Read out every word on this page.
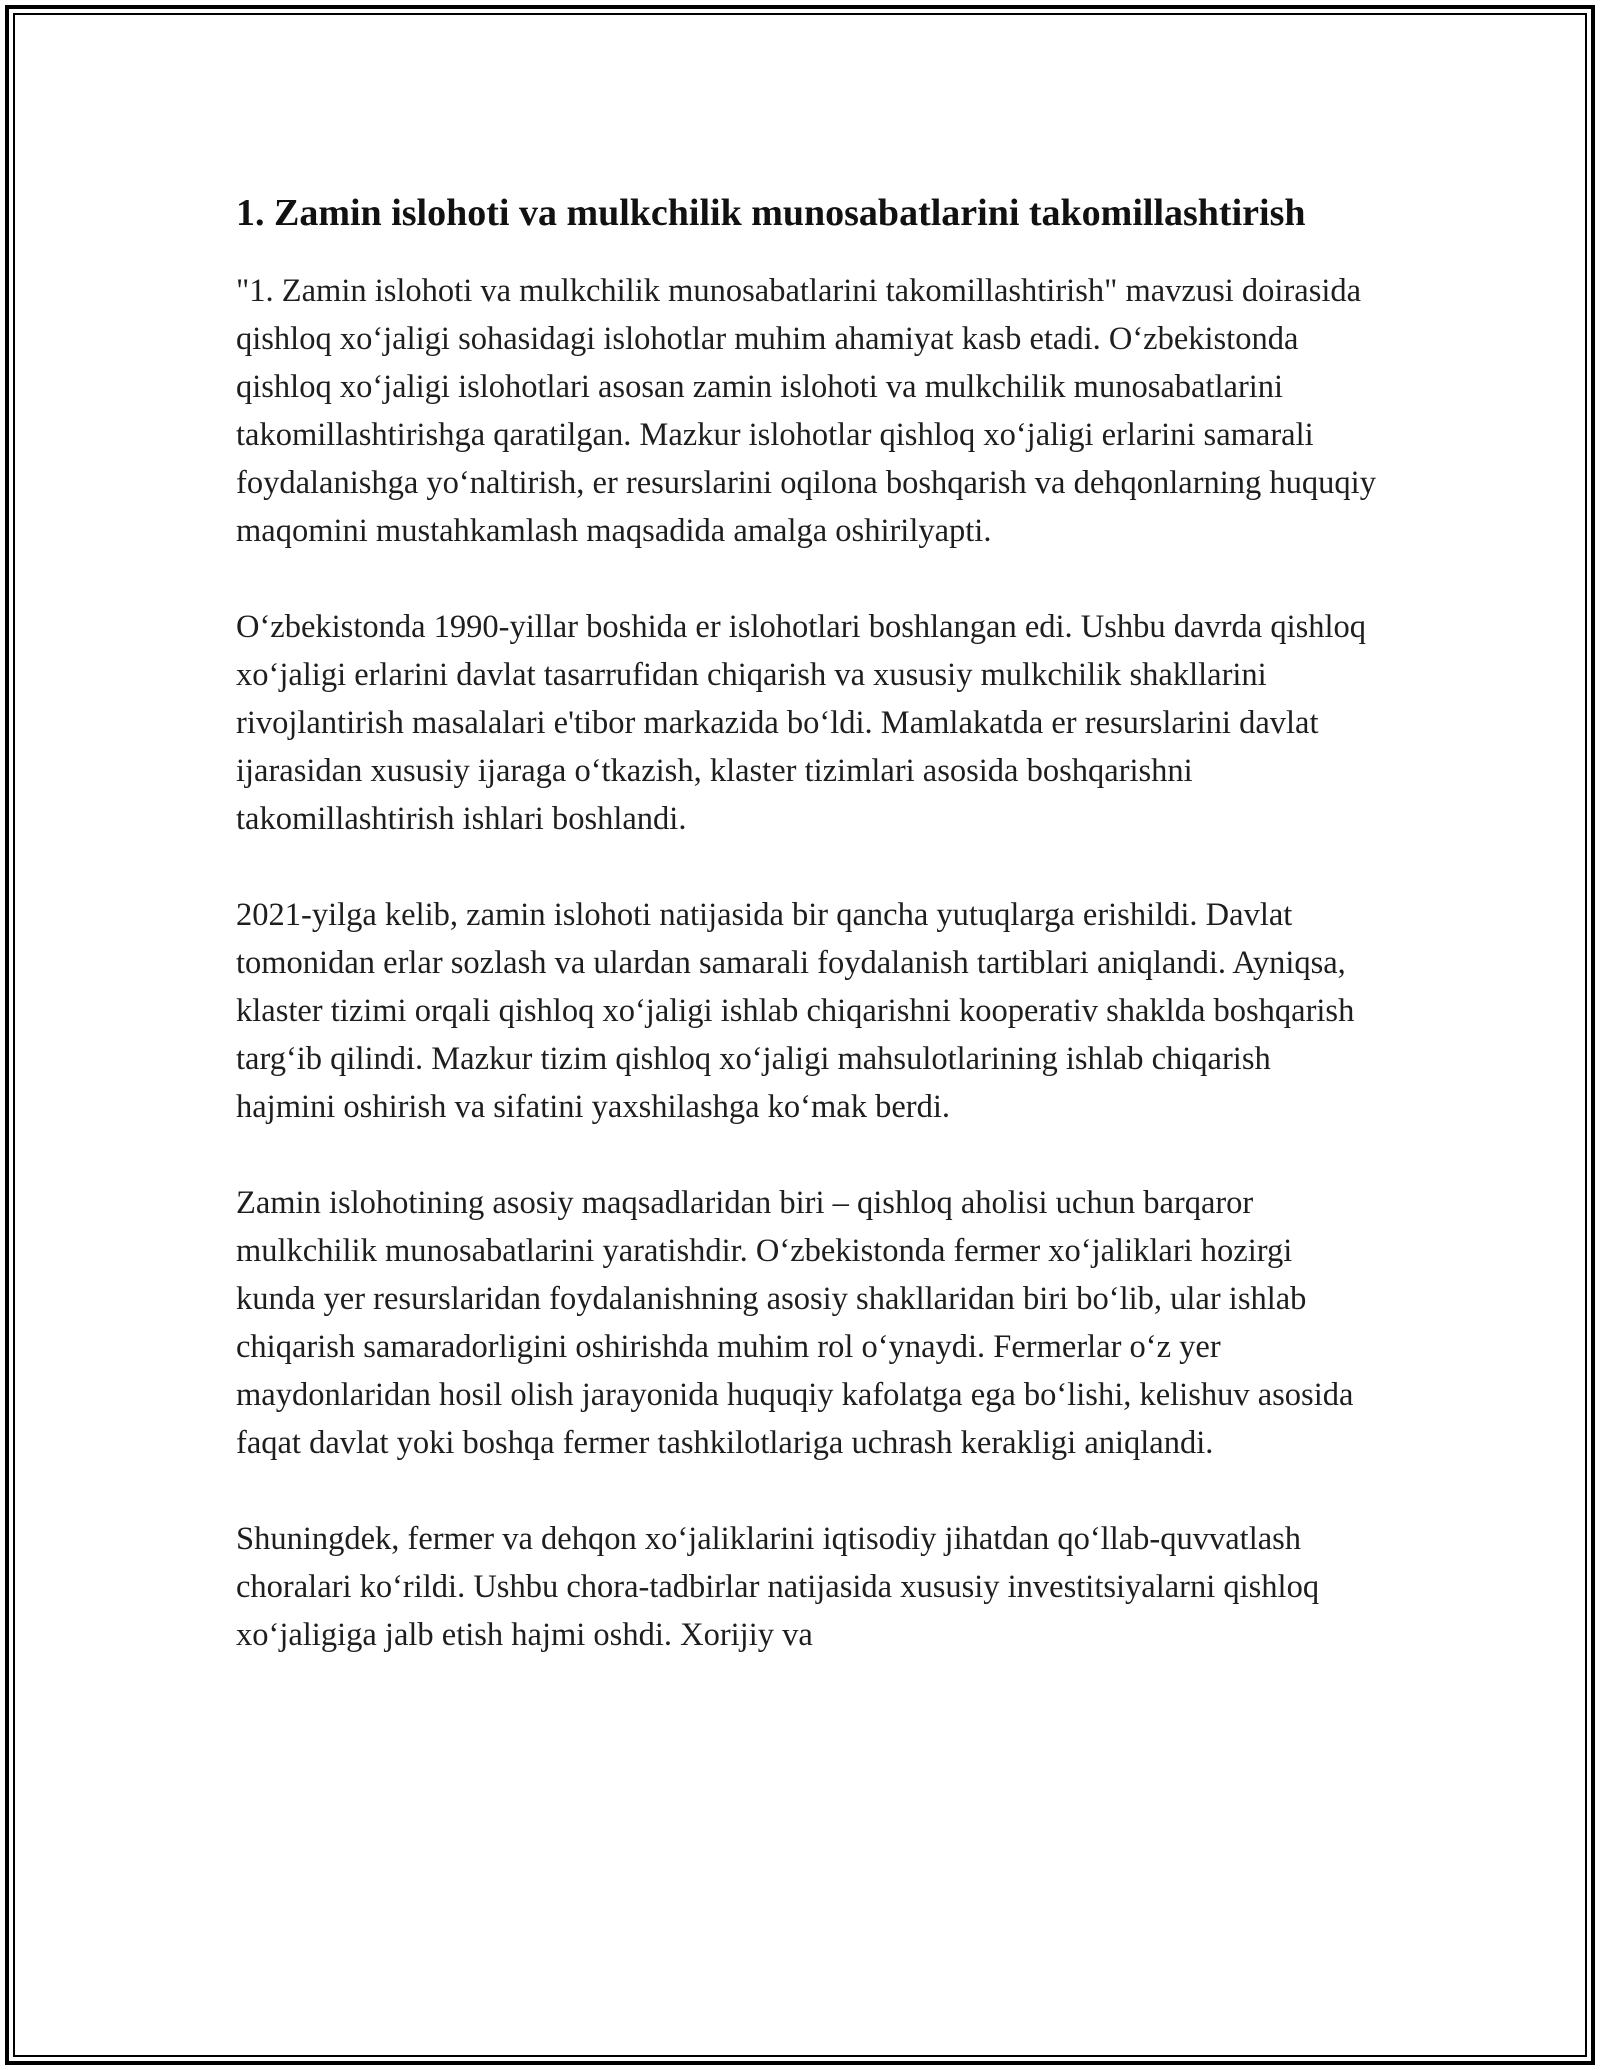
1. Zamin islohoti va mulkchilik munosabatlarini takomillashtirish

"1. Zamin islohoti va mulkchilik munosabatlarini takomillashtirish" mavzusi doirasida qishloq xo‘jaligi sohasidagi islohotlar muhim ahamiyat kasb etadi. O‘zbekistonda qishloq xo‘jaligi islohotlari asosan zamin islohoti va mulkchilik munosabatlarini takomillashtirishga qaratilgan. Mazkur islohotlar qishloq xo‘jaligi erlarini samarali foydalanishga yo‘naltirish, er resurslarini oqilona boshqarish va dehqonlarning huquqiy maqomini mustahkamlash maqsadida amalga oshirilyapti.

O‘zbekistonda 1990-yillar boshida er islohotlari boshlangan edi. Ushbu davrda qishloq xo‘jaligi erlarini davlat tasarrufidan chiqarish va xususiy mulkchilik shakllarini rivojlantirish masalalari e'tibor markazida bo‘ldi. Mamlakatda er resurslarini davlat ijarasidan xususiy ijaraga o‘tkazish, klaster tizimlari asosida boshqarishni takomillashtirish ishlari boshlandi.

2021-yilga kelib, zamin islohoti natijasida bir qancha yutuqlarga erishildi. Davlat tomonidan erlar sozlash va ulardan samarali foydalanish tartiblari aniqlandi. Ayniqsa, klaster tizimi orqali qishloq xo‘jaligi ishlab chiqarishni kooperativ shaklda boshqarish targ‘ib qilindi. Mazkur tizim qishloq xo‘jaligi mahsulotlarining ishlab chiqarish hajmini oshirish va sifatini yaxshilashga ko‘mak berdi.

Zamin islohotining asosiy maqsadlaridan biri – qishloq aholisi uchun barqaror mulkchilik munosabatlarini yaratishdir. O‘zbekistonda fermer xo‘jaliklari hozirgi kunda yer resurslaridan foydalanishning asosiy shakllaridan biri bo‘lib, ular ishlab chiqarish samaradorligini oshirishda muhim rol o‘ynaydi. Fermerlar o‘z yer maydonlaridan hosil olish jarayonida huquqiy kafolatga ega bo‘lishi, kelishuv asosida faqat davlat yoki boshqa fermer tashkilotlariga uchrash kerakligi aniqlandi.

Shuningdek, fermer va dehqon xo‘jaliklarini iqtisodiy jihatdan qo‘llab-quvvatlash choralari ko‘rildi. Ushbu chora-tadbirlar natijasida xususiy investitsiyalarni qishloq xo‘jaligiga jalb etish hajmi oshdi. Xorijiy va
